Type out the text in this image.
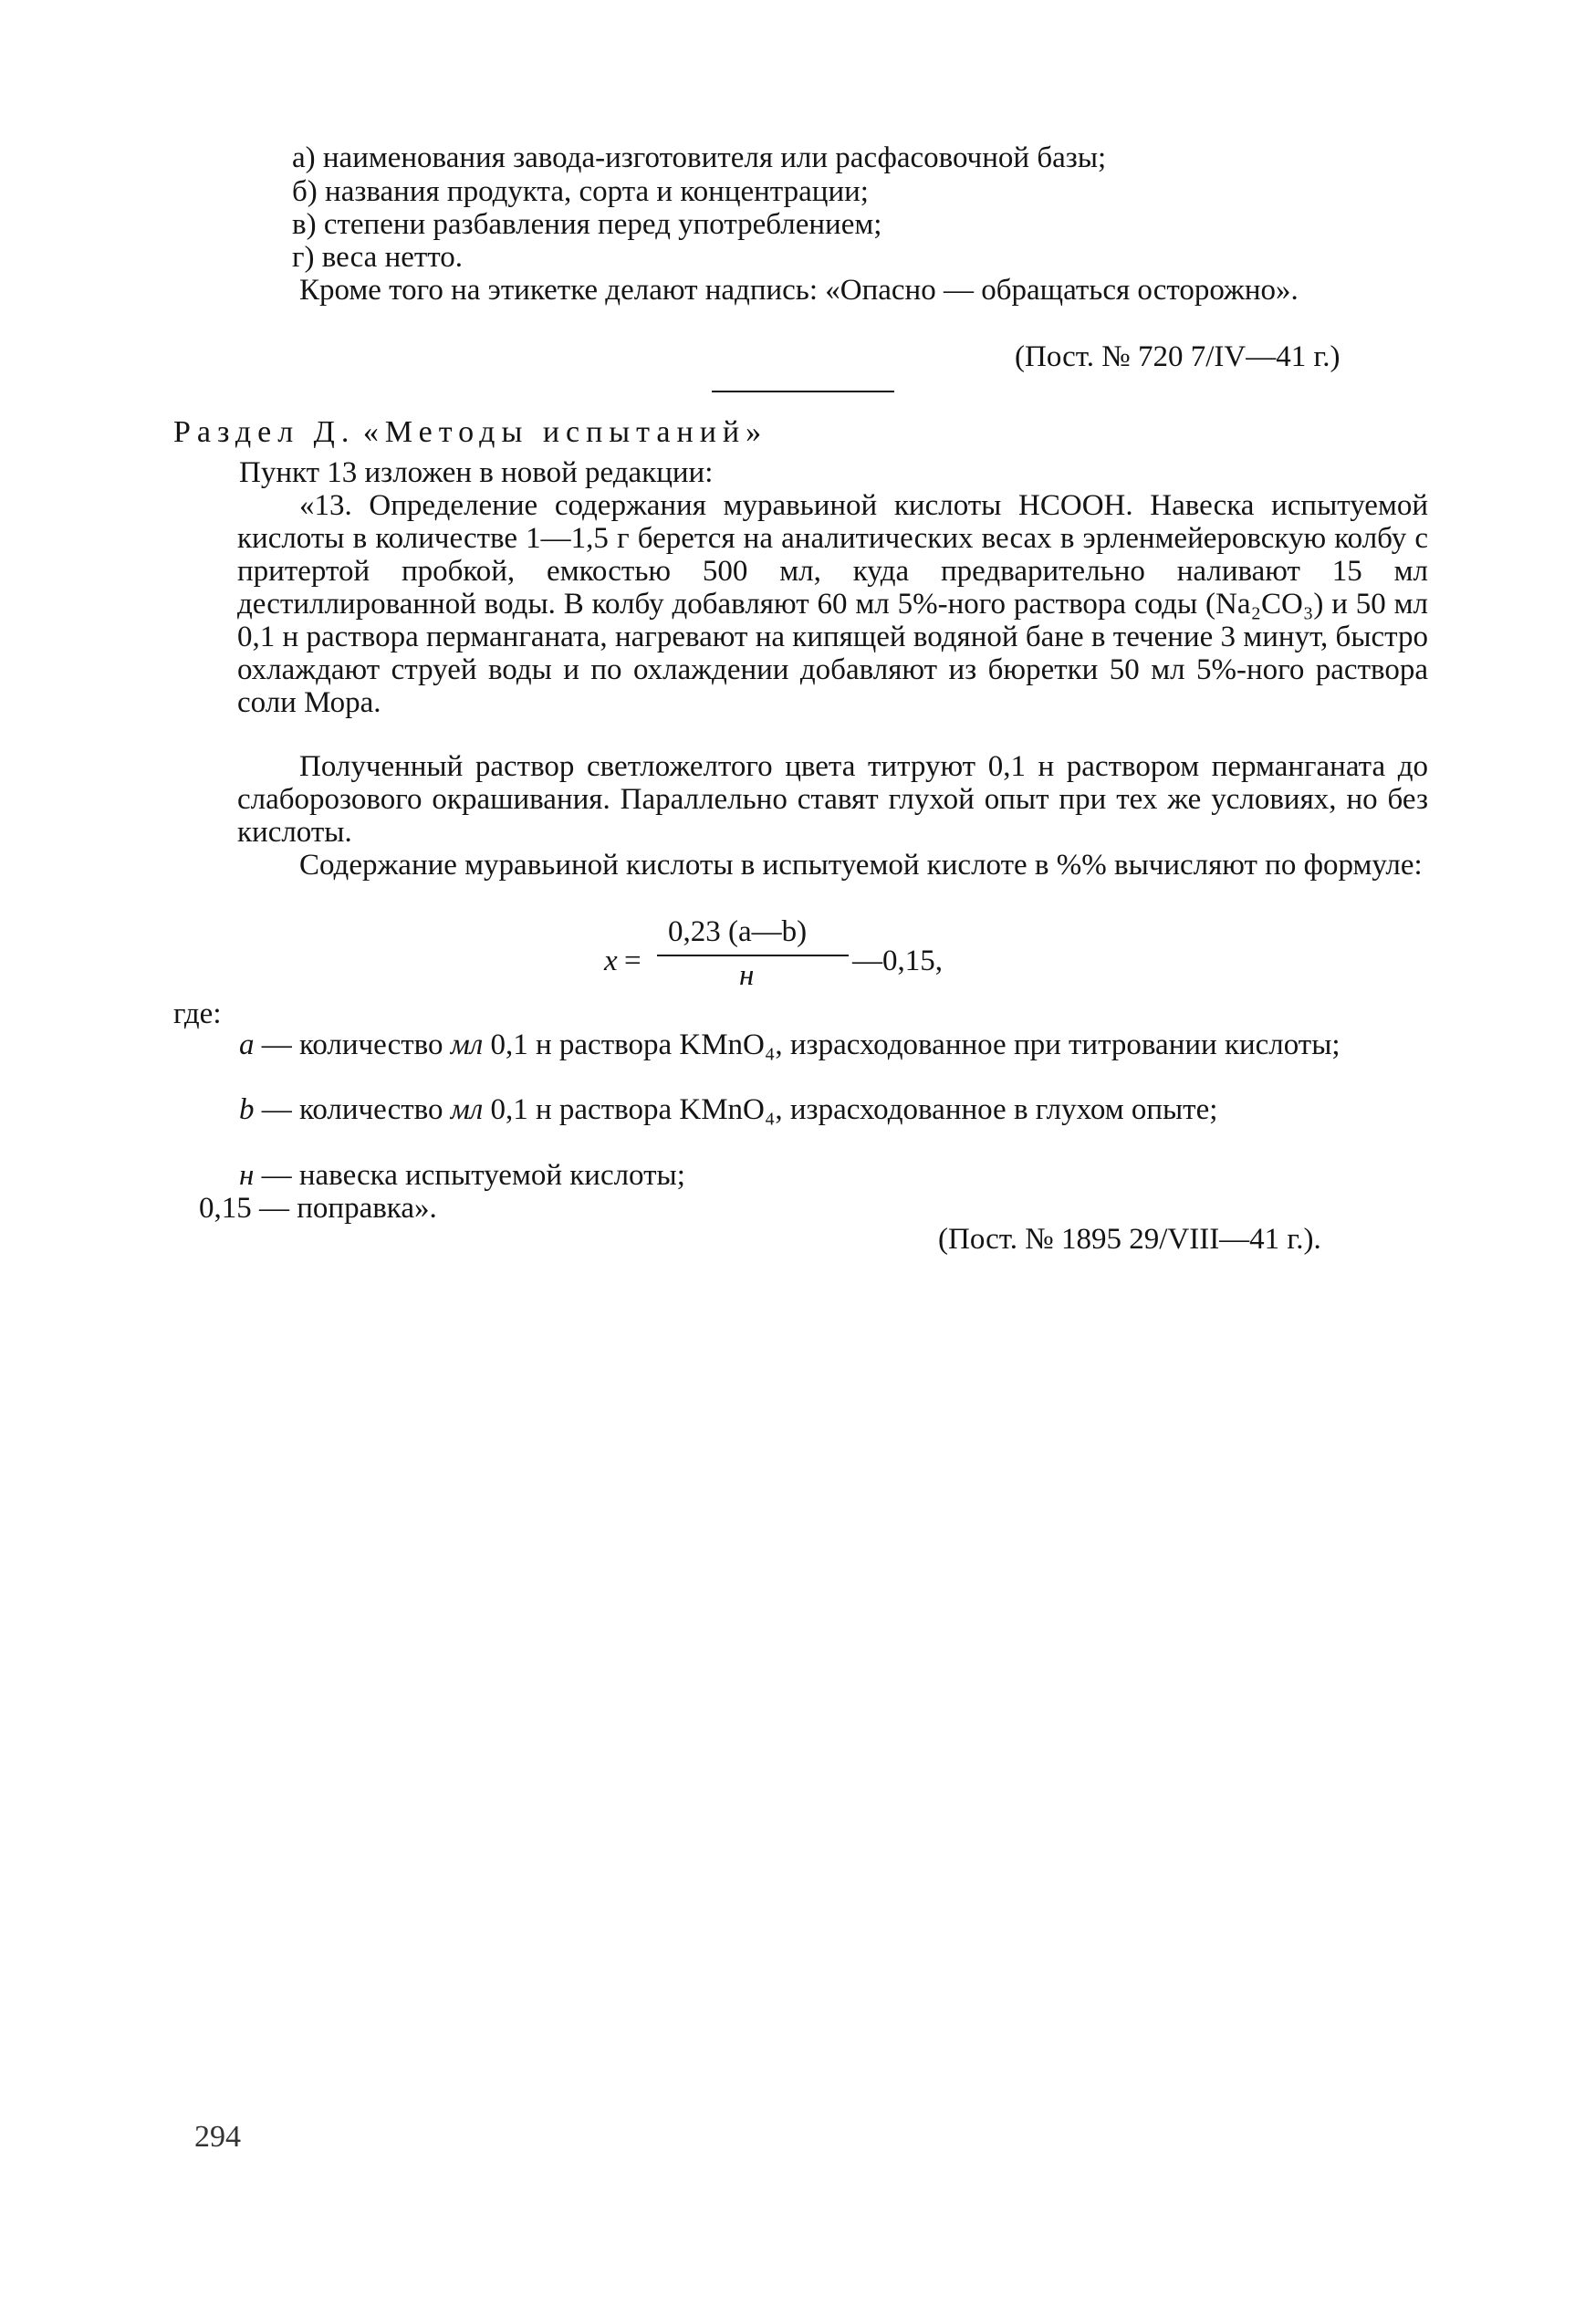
а) наименования завода-изготовителя или расфасовочной базы;
б) названия продукта, сорта и концентрации;
в) степени разбавления перед употреблением;
г) веса нетто.
Кроме того на этикетке делают надпись: «Опасно — обращаться осторожно».
(Пост. № 720 7/IV—41 г.)
Раздел Д. «Методы испытаний»
Пункт 13 изложен в новой редакции:
«13. Определение содержания муравьиной кислоты НСООН. Навеска испытуемой кислоты в количестве 1—1,5 г берется на аналитических весах в эрленмейеровскую колбу с притертой пробкой, емкостью 500 мл, куда предварительно наливают 15 мл дестиллированной воды. В колбу добавляют 60 мл 5%-ного раствора соды (Na₂CO₃) и 50 мл 0,1 н раствора перманганата, нагревают на кипящей водяной бане в течение 3 минут, быстро охлаждают струей воды и по охлаждении добавляют из бюретки 50 мл 5%-ного раствора соли Мора.
Полученный раствор светложелтого цвета титруют 0,1 н раствором перманганата до слаборозового окрашивания. Параллельно ставят глухой опыт при тех же условиях, но без кислоты.
Содержание муравьиной кислоты в испытуемой кислоте в %% вычисляют по формуле:
x =
0,23 (a—b)
н	—0,15,
где:
a — количество мл 0,1 н раствора KMnO₄, израсходованное при титровании кислоты;
b — количество мл 0,1 н раствора KMnO₄, израсходованное в глухом опыте;
н — навеска испытуемой кислоты;
0,15 — поправка».
(Пост. № 1895 29/VIII—41 г.).
294
